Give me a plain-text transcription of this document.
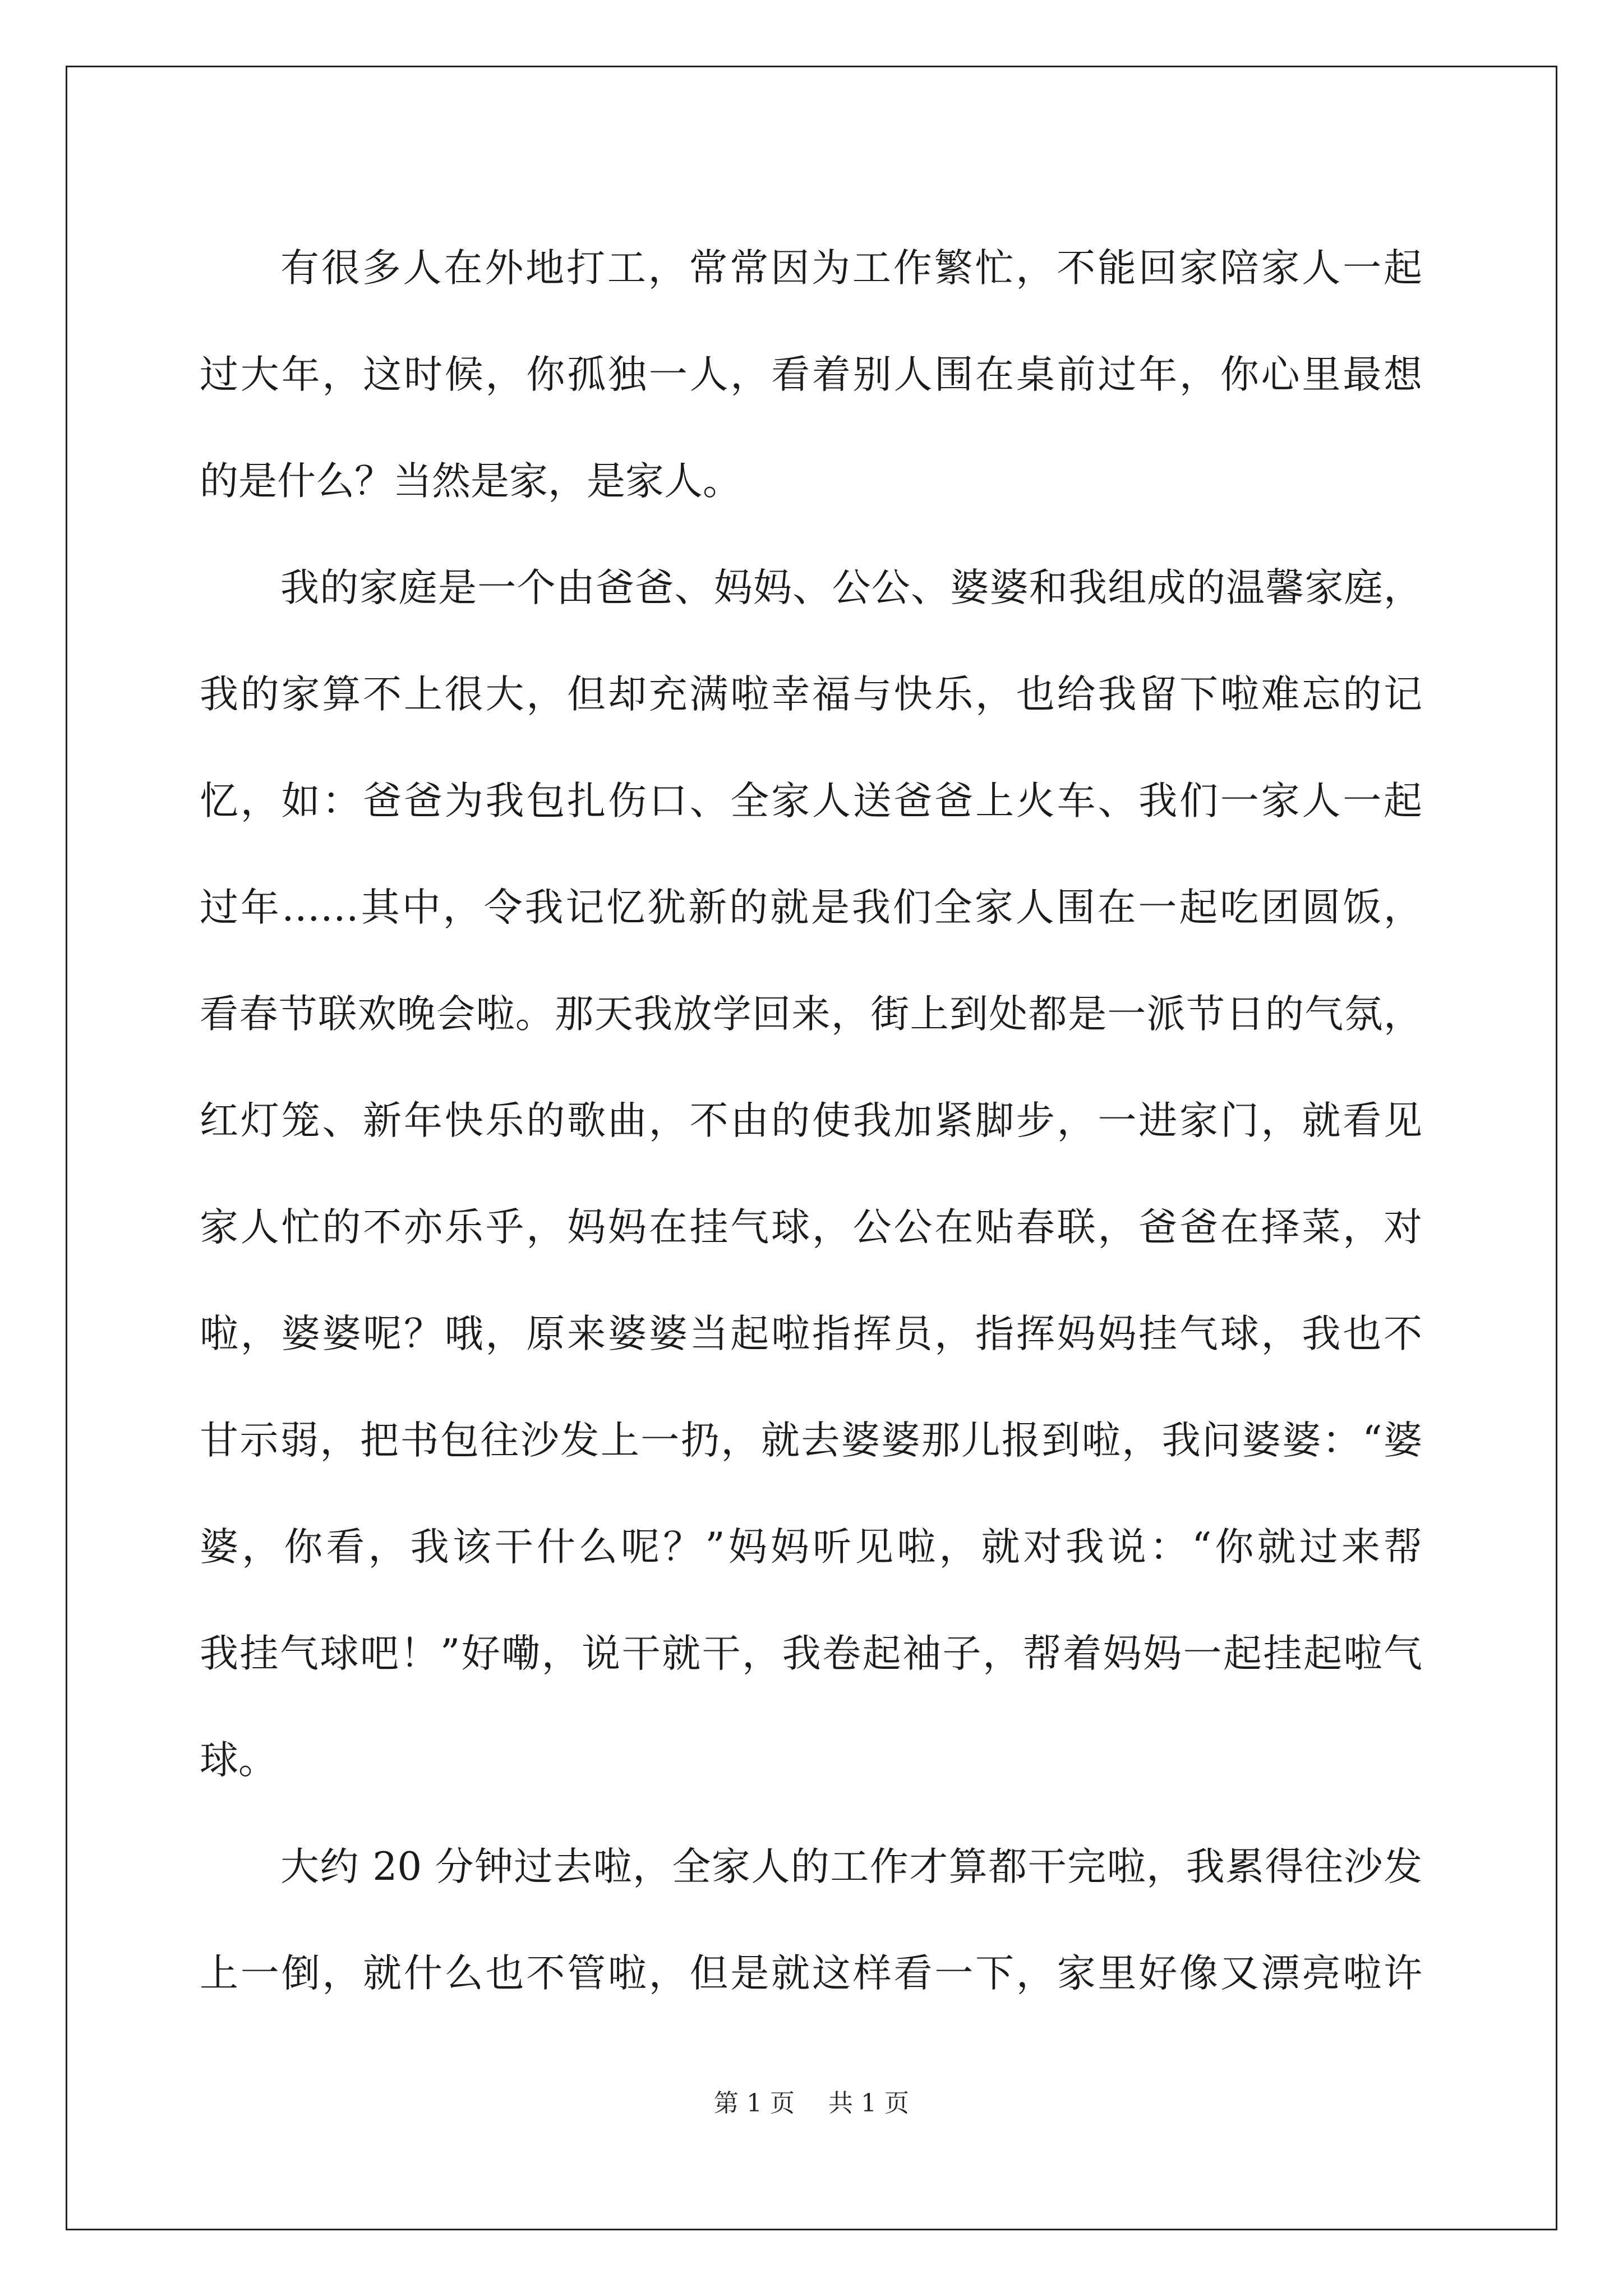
有很多人在外地打工，常常因为工作繁忙，不能回家陪家人一起
过大年，这时候，你孤独一人，看着别人围在桌前过年，你心里最想
的是什么？当然是家，是家人。
我的家庭是一个由爸爸、妈妈、公公、婆婆和我组成的温馨家庭，
我的家算不上很大，但却充满啦幸福与快乐，也给我留下啦难忘的记
忆，如：爸爸为我包扎伤口、全家人送爸爸上火车、我们一家人一起
过年……其中，令我记忆犹新的就是我们全家人围在一起吃团圆饭，
看春节联欢晚会啦。那天我放学回来，街上到处都是一派节日的气氛，
红灯笼、新年快乐的歌曲，不由的使我加紧脚步，一进家门，就看见
家人忙的不亦乐乎，妈妈在挂气球，公公在贴春联，爸爸在择菜，对
啦，婆婆呢？哦，原来婆婆当起啦指挥员，指挥妈妈挂气球，我也不
甘示弱，把书包往沙发上一扔，就去婆婆那儿报到啦，我问婆婆：“婆
婆，你看，我该干什么呢？”妈妈听见啦，就对我说：“你就过来帮
我挂气球吧！”好嘞，说干就干，我卷起袖子，帮着妈妈一起挂起啦气
球。
大约 20 分钟过去啦，全家人的工作才算都干完啦，我累得往沙发
上一倒，就什么也不管啦，但是就这样看一下，家里好像又漂亮啦许
第 1 页 共 1 页
